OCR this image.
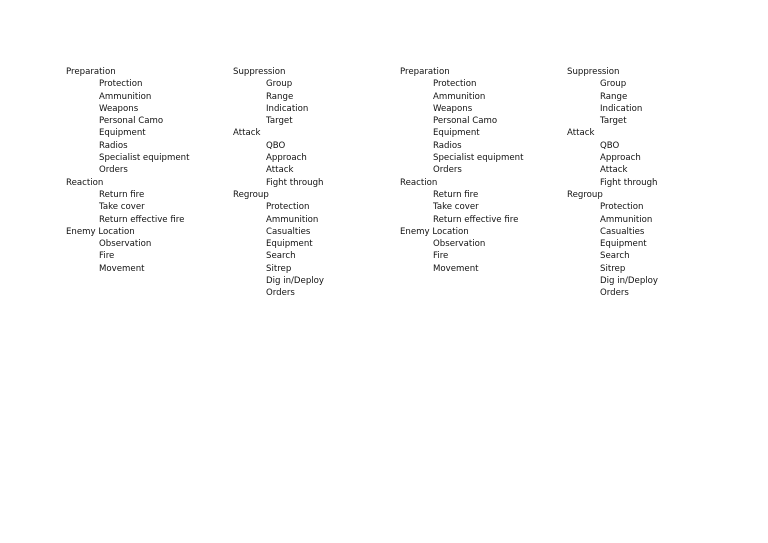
Preparation
Protection
Ammunition
Weapons
Personal Camo
Equipment
Radios
Specialist equipment
Orders
Reaction
Return fire
Take cover
Return effective fire
Enemy Location
Observation
Fire
Movement
Suppression
Group
Range
Indication
Target
Attack
QBO
Approach
Attack
Fight through
Regroup
Protection
Ammunition
Casualties
Equipment
Search
Sitrep
Dig in/Deploy
Orders
Preparation
Protection
Ammunition
Weapons
Personal Camo
Equipment
Radios
Specialist equipment
Orders
Reaction
Return fire
Take cover
Return effective fire
Enemy Location
Observation
Fire
Movement
Suppression
Group
Range
Indication
Target
Attack
QBO
Approach
Attack
Fight through
Regroup
Protection
Ammunition
Casualties
Equipment
Search
Sitrep
Dig in/Deploy
Orders
